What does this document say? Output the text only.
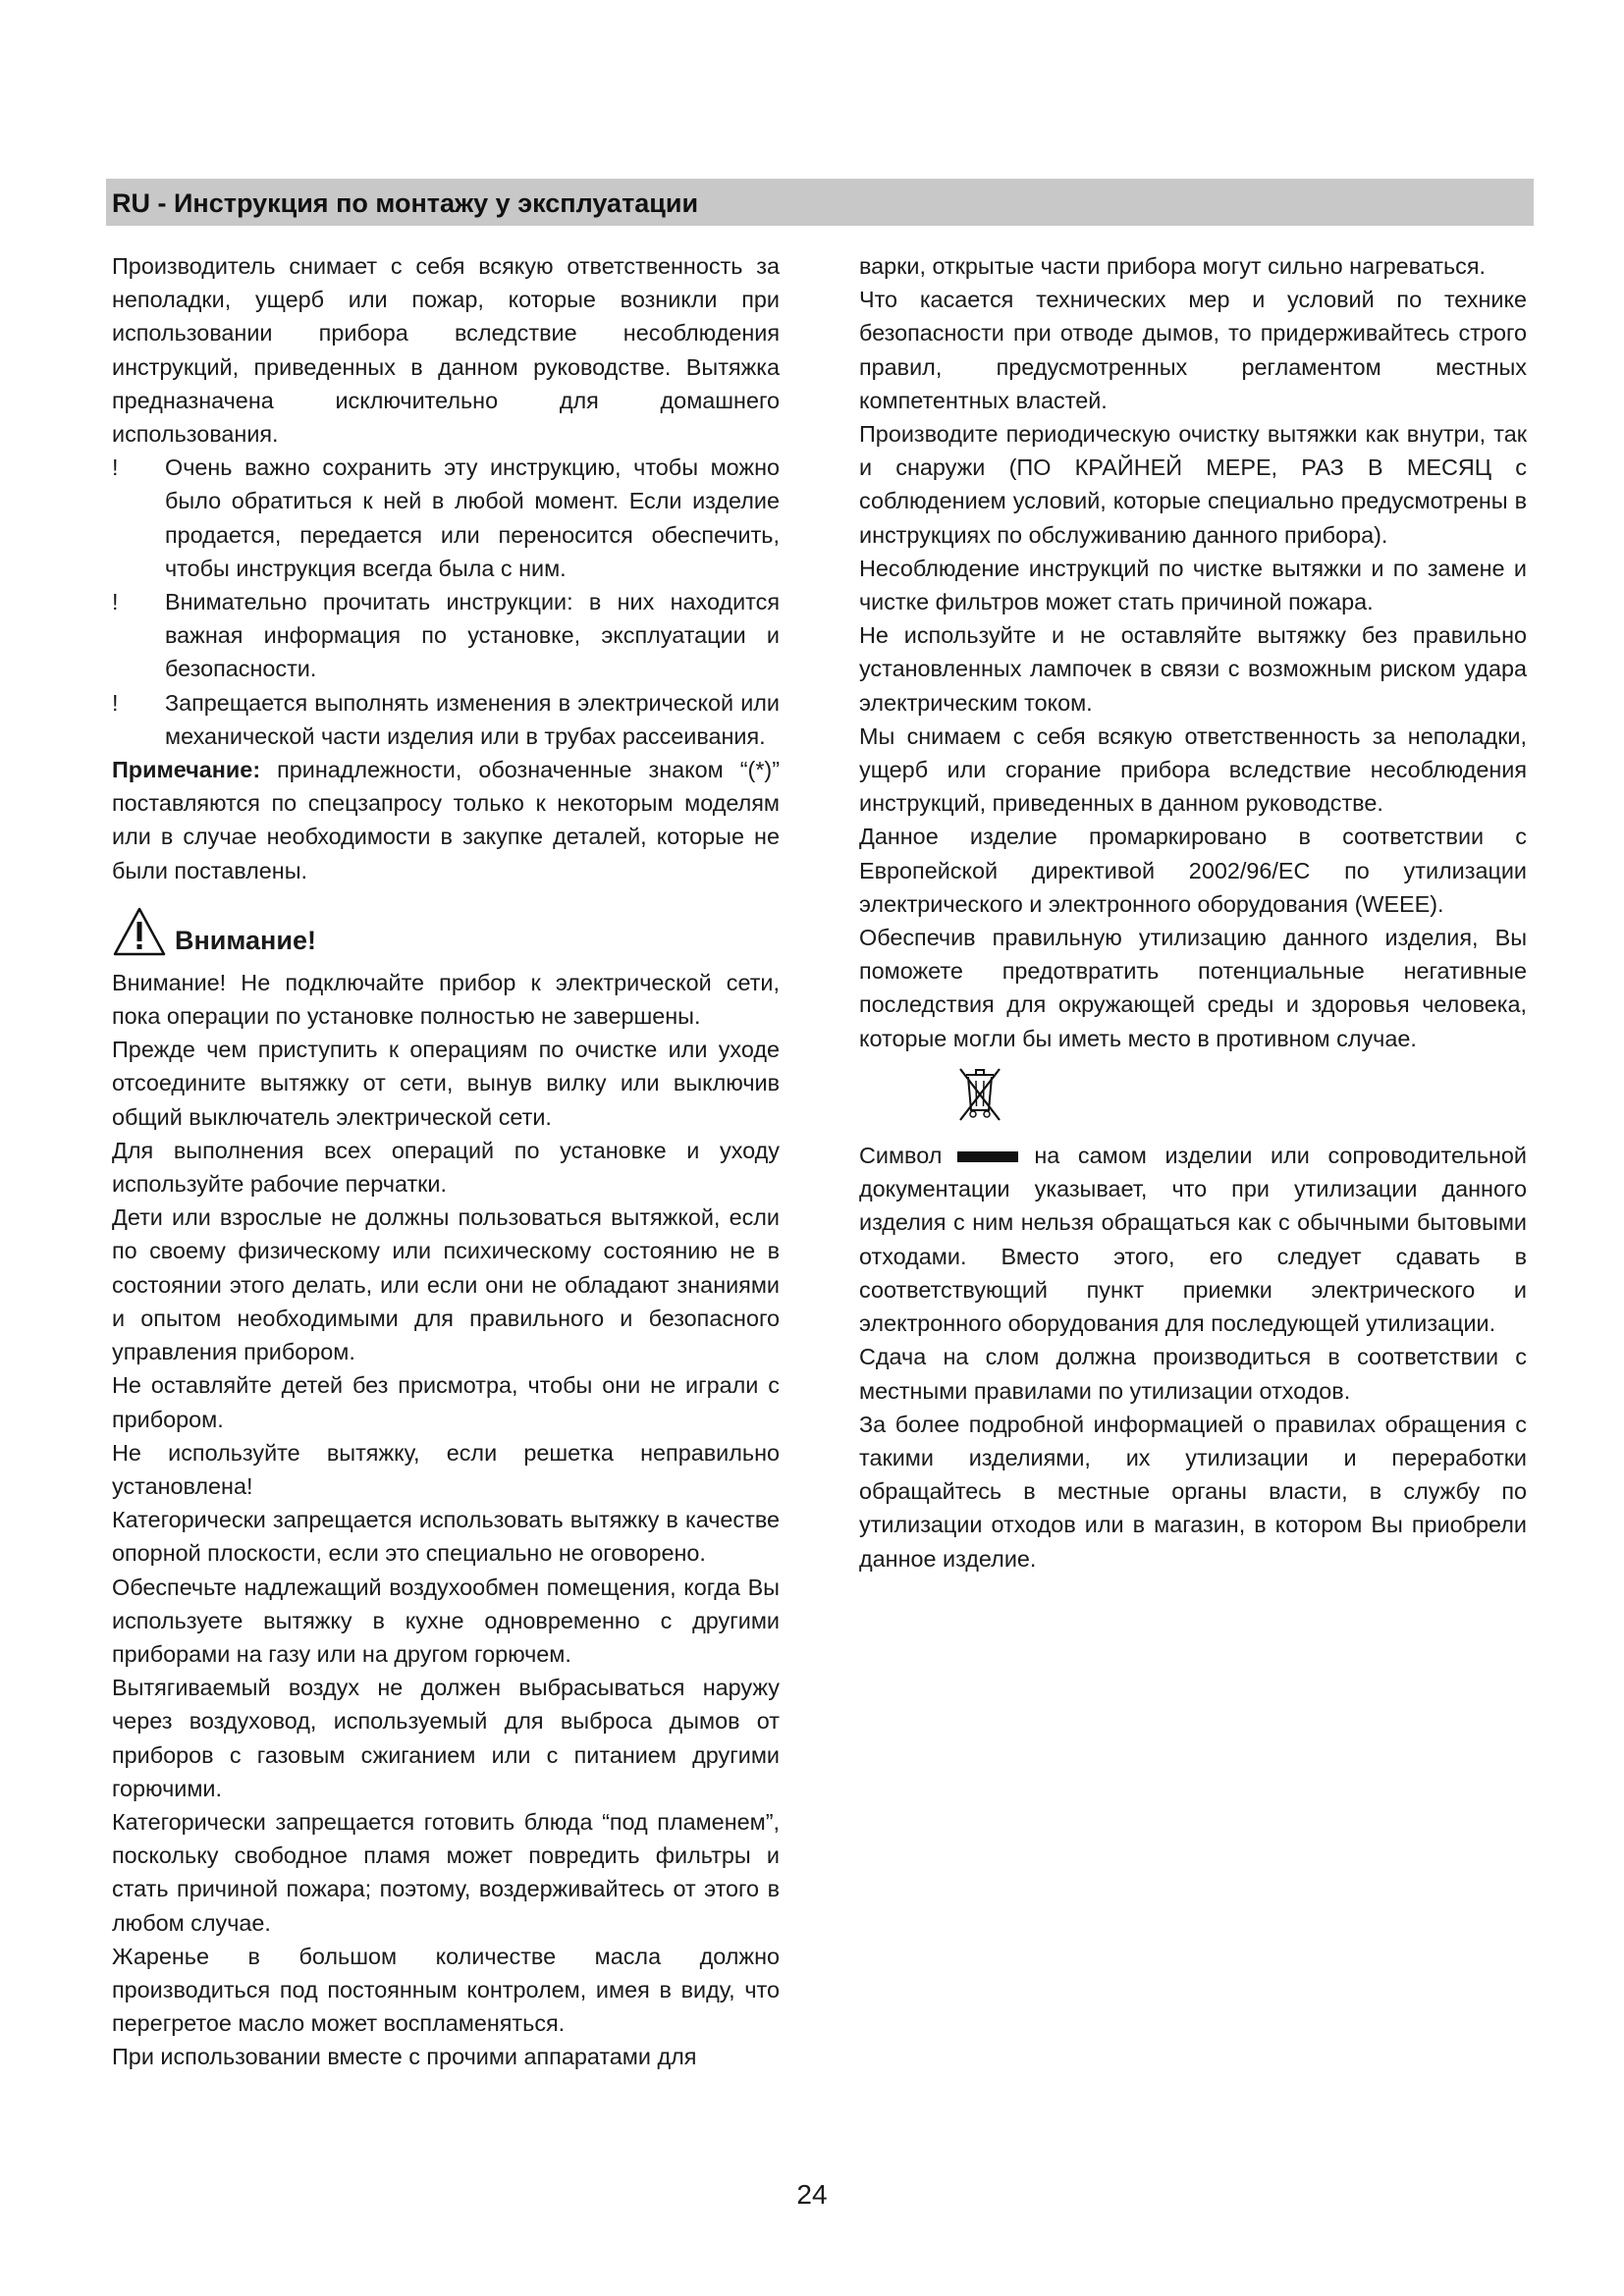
RU - Инструкция по монтажу у эксплуатации

Производитель снимает с себя всякую ответственность за неполадки, ущерб или пожар, которые возникли при использовании прибора вследствие несоблюдения инструкций, приведенных в данном руководстве. Вытяжка предназначена исключительно для домашнего использования.

! Очень важно сохранить эту инструкцию, чтобы можно было обратиться к ней в любой момент. Если изделие продается, передается или переносится обеспечить, чтобы инструкция всегда была с ним.

! Внимательно прочитать инструкции: в них находится важная информация по установке, эксплуатации и безопасности.

! Запрещается выполнять изменения в электрической или механической части изделия или в трубах рассеивания.

Примечание: принадлежности, обозначенные знаком “(*)” поставляются по спецзапросу только к некоторым моделям или в случае необходимости в закупке деталей, которые не были поставлены.

Внимание!

Внимание! Не подключайте прибор к электрической сети, пока операции по установке полностью не завершены.

Прежде чем приступить к операциям по очистке или уходе отсоедините вытяжку от сети, вынув вилку или выключив общий выключатель электрической сети.

Для выполнения всех операций по установке и уходу используйте рабочие перчатки.

Дети или взрослые не должны пользоваться вытяжкой, если по своему физическому или психическому состоянию не в состоянии этого делать, или если они не обладают знаниями и опытом необходимыми для правильного и безопасного управления прибором.

Не оставляйте детей без присмотра, чтобы они не играли с прибором.

Не используйте вытяжку, если решетка неправильно установлена!

Категорически запрещается использовать вытяжку в качестве опорной плоскости, если это специально не оговорено.

Обеспечьте надлежащий воздухообмен помещения, когда Вы используете вытяжку в кухне одновременно с другими приборами на газу или на другом горючем.

Вытягиваемый воздух не должен выбрасываться наружу через воздуховод, используемый для выброса дымов от приборов с газовым сжиганием или с питанием другими горючими.

Категорически запрещается готовить блюда “под пламенем”, поскольку свободное пламя может повредить фильтры и стать причиной пожара; поэтому, воздерживайтесь от этого в любом случае.

Жаренье в большом количестве масла должно производиться под постоянным контролем, имея в виду, что перегретое масло может воспламеняться.

При использовании вместе с прочими аппаратами для

варки, открытые части прибора могут сильно нагреваться.

Что касается технических мер и условий по технике безопасности при отводе дымов, то придерживайтесь строго правил, предусмотренных регламентом местных компетентных властей.

Производите периодическую очистку вытяжки как внутри, так и снаружи (ПО КРАЙНЕЙ МЕРЕ, РАЗ В МЕСЯЦ с соблюдением условий, которые специально предусмотрены в инструкциях по обслуживанию данного прибора).

Несоблюдение инструкций по чистке вытяжки и по замене и чистке фильтров может стать причиной пожара.

Не используйте и не оставляйте вытяжку без правильно установленных лампочек в связи с возможным риском удара электрическим током.

Мы снимаем с себя всякую ответственность за неполадки, ущерб или сгорание прибора вследствие несоблюдения инструкций, приведенных в данном руководстве.

Данное изделие промаркировано в соответствии с Европейской директивой 2002/96/EC по утилизации электрического и электронного оборудования (WEEE).

Обеспечив правильную утилизацию данного изделия, Вы поможете предотвратить потенциальные негативные последствия для окружающей среды и здоровья человека, которые могли бы иметь место в противном случае.

Символ	на самом изделии или сопроводительной документации указывает, что при утилизации данного изделия с ним нельзя обращаться как с обычными бытовыми отходами. Вместо этого, его следует сдавать в соответствующий пункт приемки электрического и электронного оборудования для последующей утилизации.

Сдача на слом должна производиться в соответствии с местными правилами по утилизации отходов.

За более подробной информацией о правилах обращения с такими изделиями, их утилизации и переработки обращайтесь в местные органы власти, в службу по утилизации отходов или в магазин, в котором Вы приобрели данное изделие.

24
